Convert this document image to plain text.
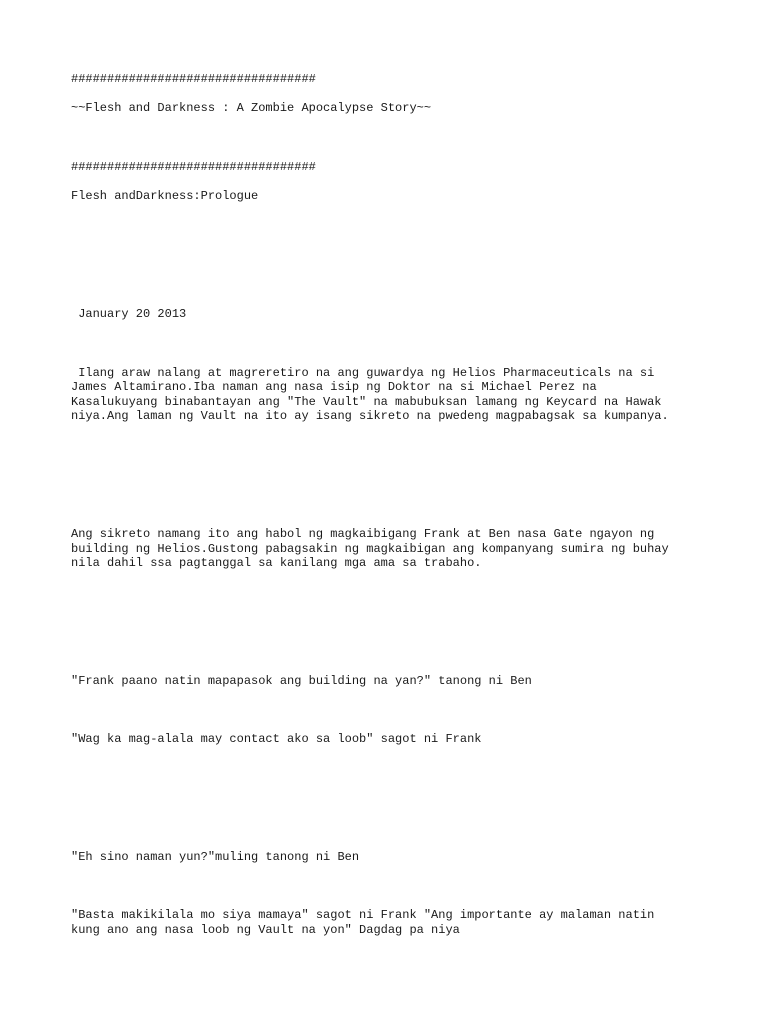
##################################
~~Flesh and Darkness : A Zombie Apocalypse Story~~
##################################
Flesh andDarkness:Prologue
January 20 2013
Ilang araw nalang at magreretiro na ang guwardya ng Helios Pharmaceuticals na si
James Altamirano.Iba naman ang nasa isip ng Doktor na si Michael Perez na
Kasalukuyang binabantayan ang "The Vault" na mabubuksan lamang ng Keycard na Hawak
niya.Ang laman ng Vault na ito ay isang sikreto na pwedeng magpabagsak sa kumpanya.
Ang sikreto namang ito ang habol ng magkaibigang Frank at Ben nasa Gate ngayon ng
building ng Helios.Gustong pabagsakin ng magkaibigan ang kompanyang sumira ng buhay
nila dahil ssa pagtanggal sa kanilang mga ama sa trabaho.
"Frank paano natin mapapasok ang building na yan?" tanong ni Ben
"Wag ka mag-alala may contact ako sa loob" sagot ni Frank
"Eh sino naman yun?"muling tanong ni Ben
"Basta makikilala mo siya mamaya" sagot ni Frank "Ang importante ay malaman natin
kung ano ang nasa loob ng Vault na yon" Dagdag pa niya
